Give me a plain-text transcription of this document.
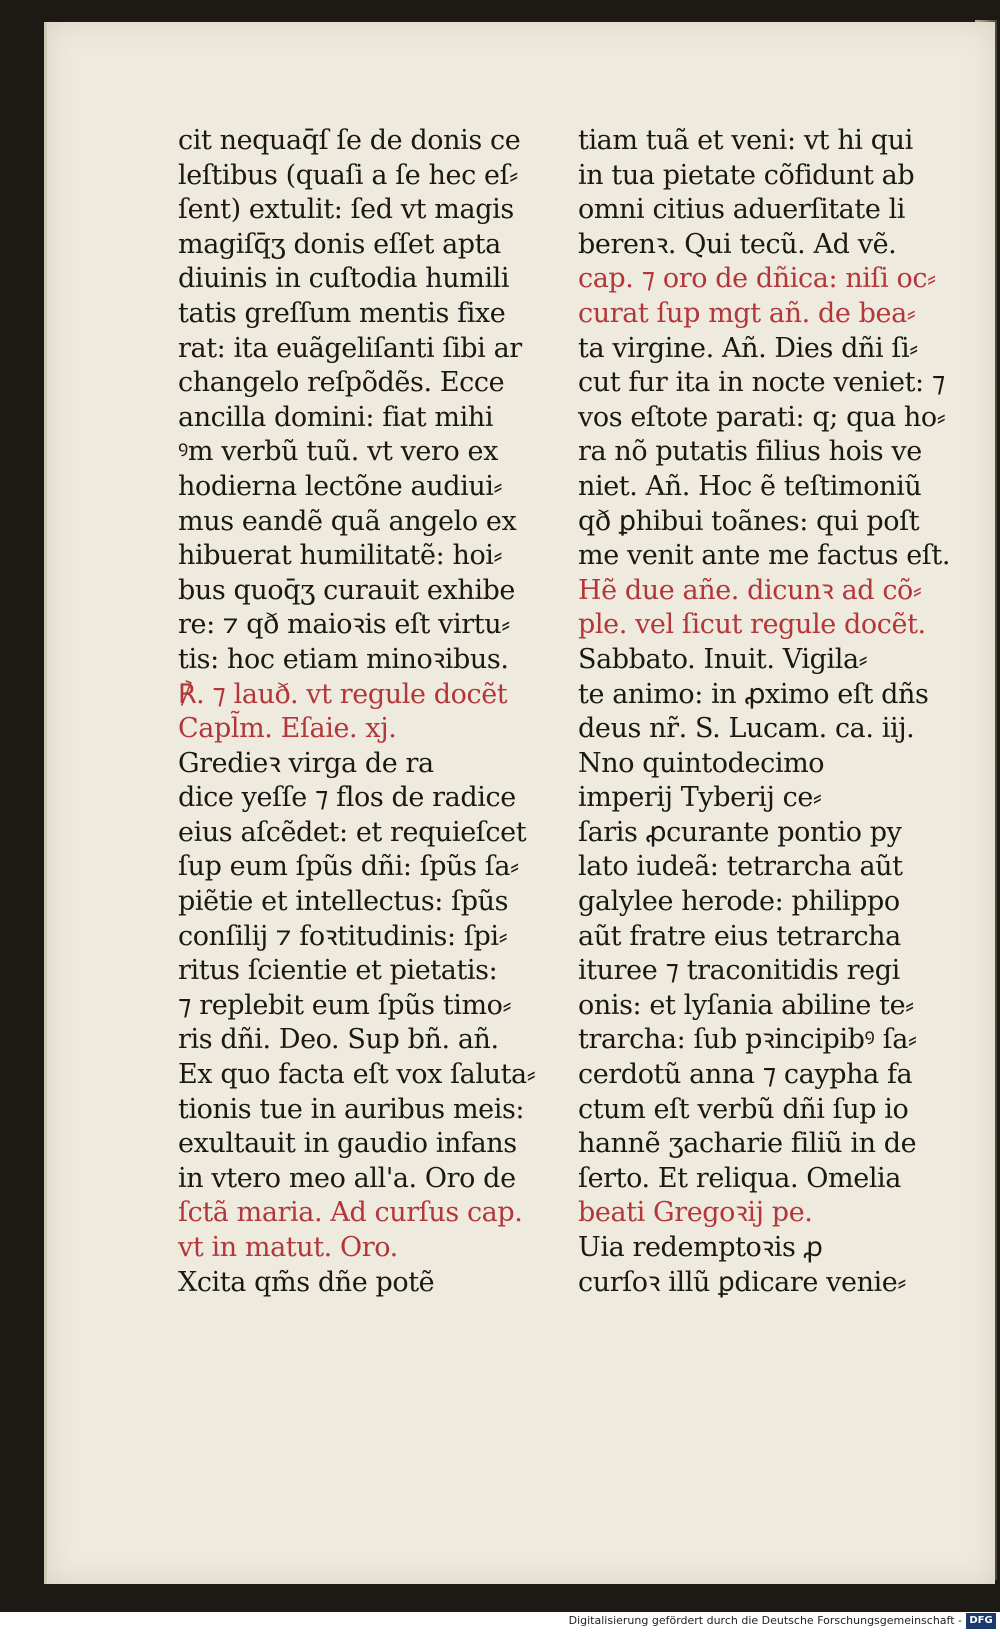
cit nequaq̄ſ ſe de donis ce
leſtibus (quaſi a ſe hec eſ⸗
ſent) extulit: ſed vt magis
magiſq̄ʒ donis eſſet apta
diuinis in cuſtodia humili
tatis greſſum mentis fixe
rat: ita euãgeliſanti ſibi ar
changelo reſpõdẽs. Ecce
ancilla domini: fiat mihi
ꝰm verbũ tuũ. vt vero ex
hodierna lectõne audiui⸗
mus eandẽ quã angelo ex
hibuerat humilitatẽ: hoi⸗
bus quoq̄ʒ curauit exhibe
re: ⁊ qð maioꝛis eſt virtu⸗
tis: hoc etiam minoꝛibus.
℟. ⁊ lauð. vt regule docẽt
Capl̃m. Eſaie. xj.
Gredieꝛ virga de ra
dice yeſſe ⁊ flos de radice
eius aſcẽdet: et requieſcet
ſup eum ſpũs dñi: ſpũs ſa⸗
piẽtie et intellectus: ſpũs
conſilij ⁊ foꝛtitudinis: ſpi⸗
ritus ſcientie et pietatis:
⁊ replebit eum ſpũs timo⸗
ris dñi. Deo. Sup bñ. añ.
Ex quo facta eſt vox ſaluta⸗
tionis tue in auribus meis:
exultauit in gaudio infans
in vtero meo all'a. Oro de
ſctã maria. Ad curſus cap.
vt in matut. Oro.
Xcita qm̃s dñe potẽ
tiam tuã et veni: vt hi qui
in tua pietate cõfidunt ab
omni citius aduerſitate li
berenꝛ. Qui tecũ. Ad vẽ.
cap. ⁊ oro de dñica: niſi oc⸗
curat ſup mgt añ. de bea⸗
ta virgine. Añ. Dies dñi ſi⸗
cut fur ita in nocte veniet: ⁊
vos eſtote parati: q; qua ho⸗
ra nõ putatis filius hois ve
niet. Añ. Hoc ẽ teſtimoniũ
qð ꝑhibui toãnes: qui poſt
me venit ante me factus eſt.
Hẽ due añe. dicunꝛ ad cõ⸗
ple. vel ſicut regule docẽt.
Sabbato. Inuit. Vigila⸗
te animo: in ꝓximo eſt dñs
deus nr̃. S. Lucam. ca. iij.
Nno quintodecimo
imperij Tyberij ce⸗
ſaris ꝓcurante pontio py
lato iudeã: tetrarcha aũt
galylee herode: philippo
aũt fratre eius tetrarcha
ituree ⁊ traconitidis regi
onis: et lyſania abiline te⸗
trarcha: ſub pꝛincipibꝰ ſa⸗
cerdotũ anna ⁊ caypha fa
ctum eſt verbũ dñi ſup io
hannẽ ʒacharie filiũ in de
ſerto. Et reliqua. Omelia
beati Gregoꝛij pe.
Uia redemptoꝛis ꝓ
curſoꝛ illũ ꝑdicare venie⸗
Digitalisierung gefördert durch die Deutsche Forschungsgemeinschaft - DFG
